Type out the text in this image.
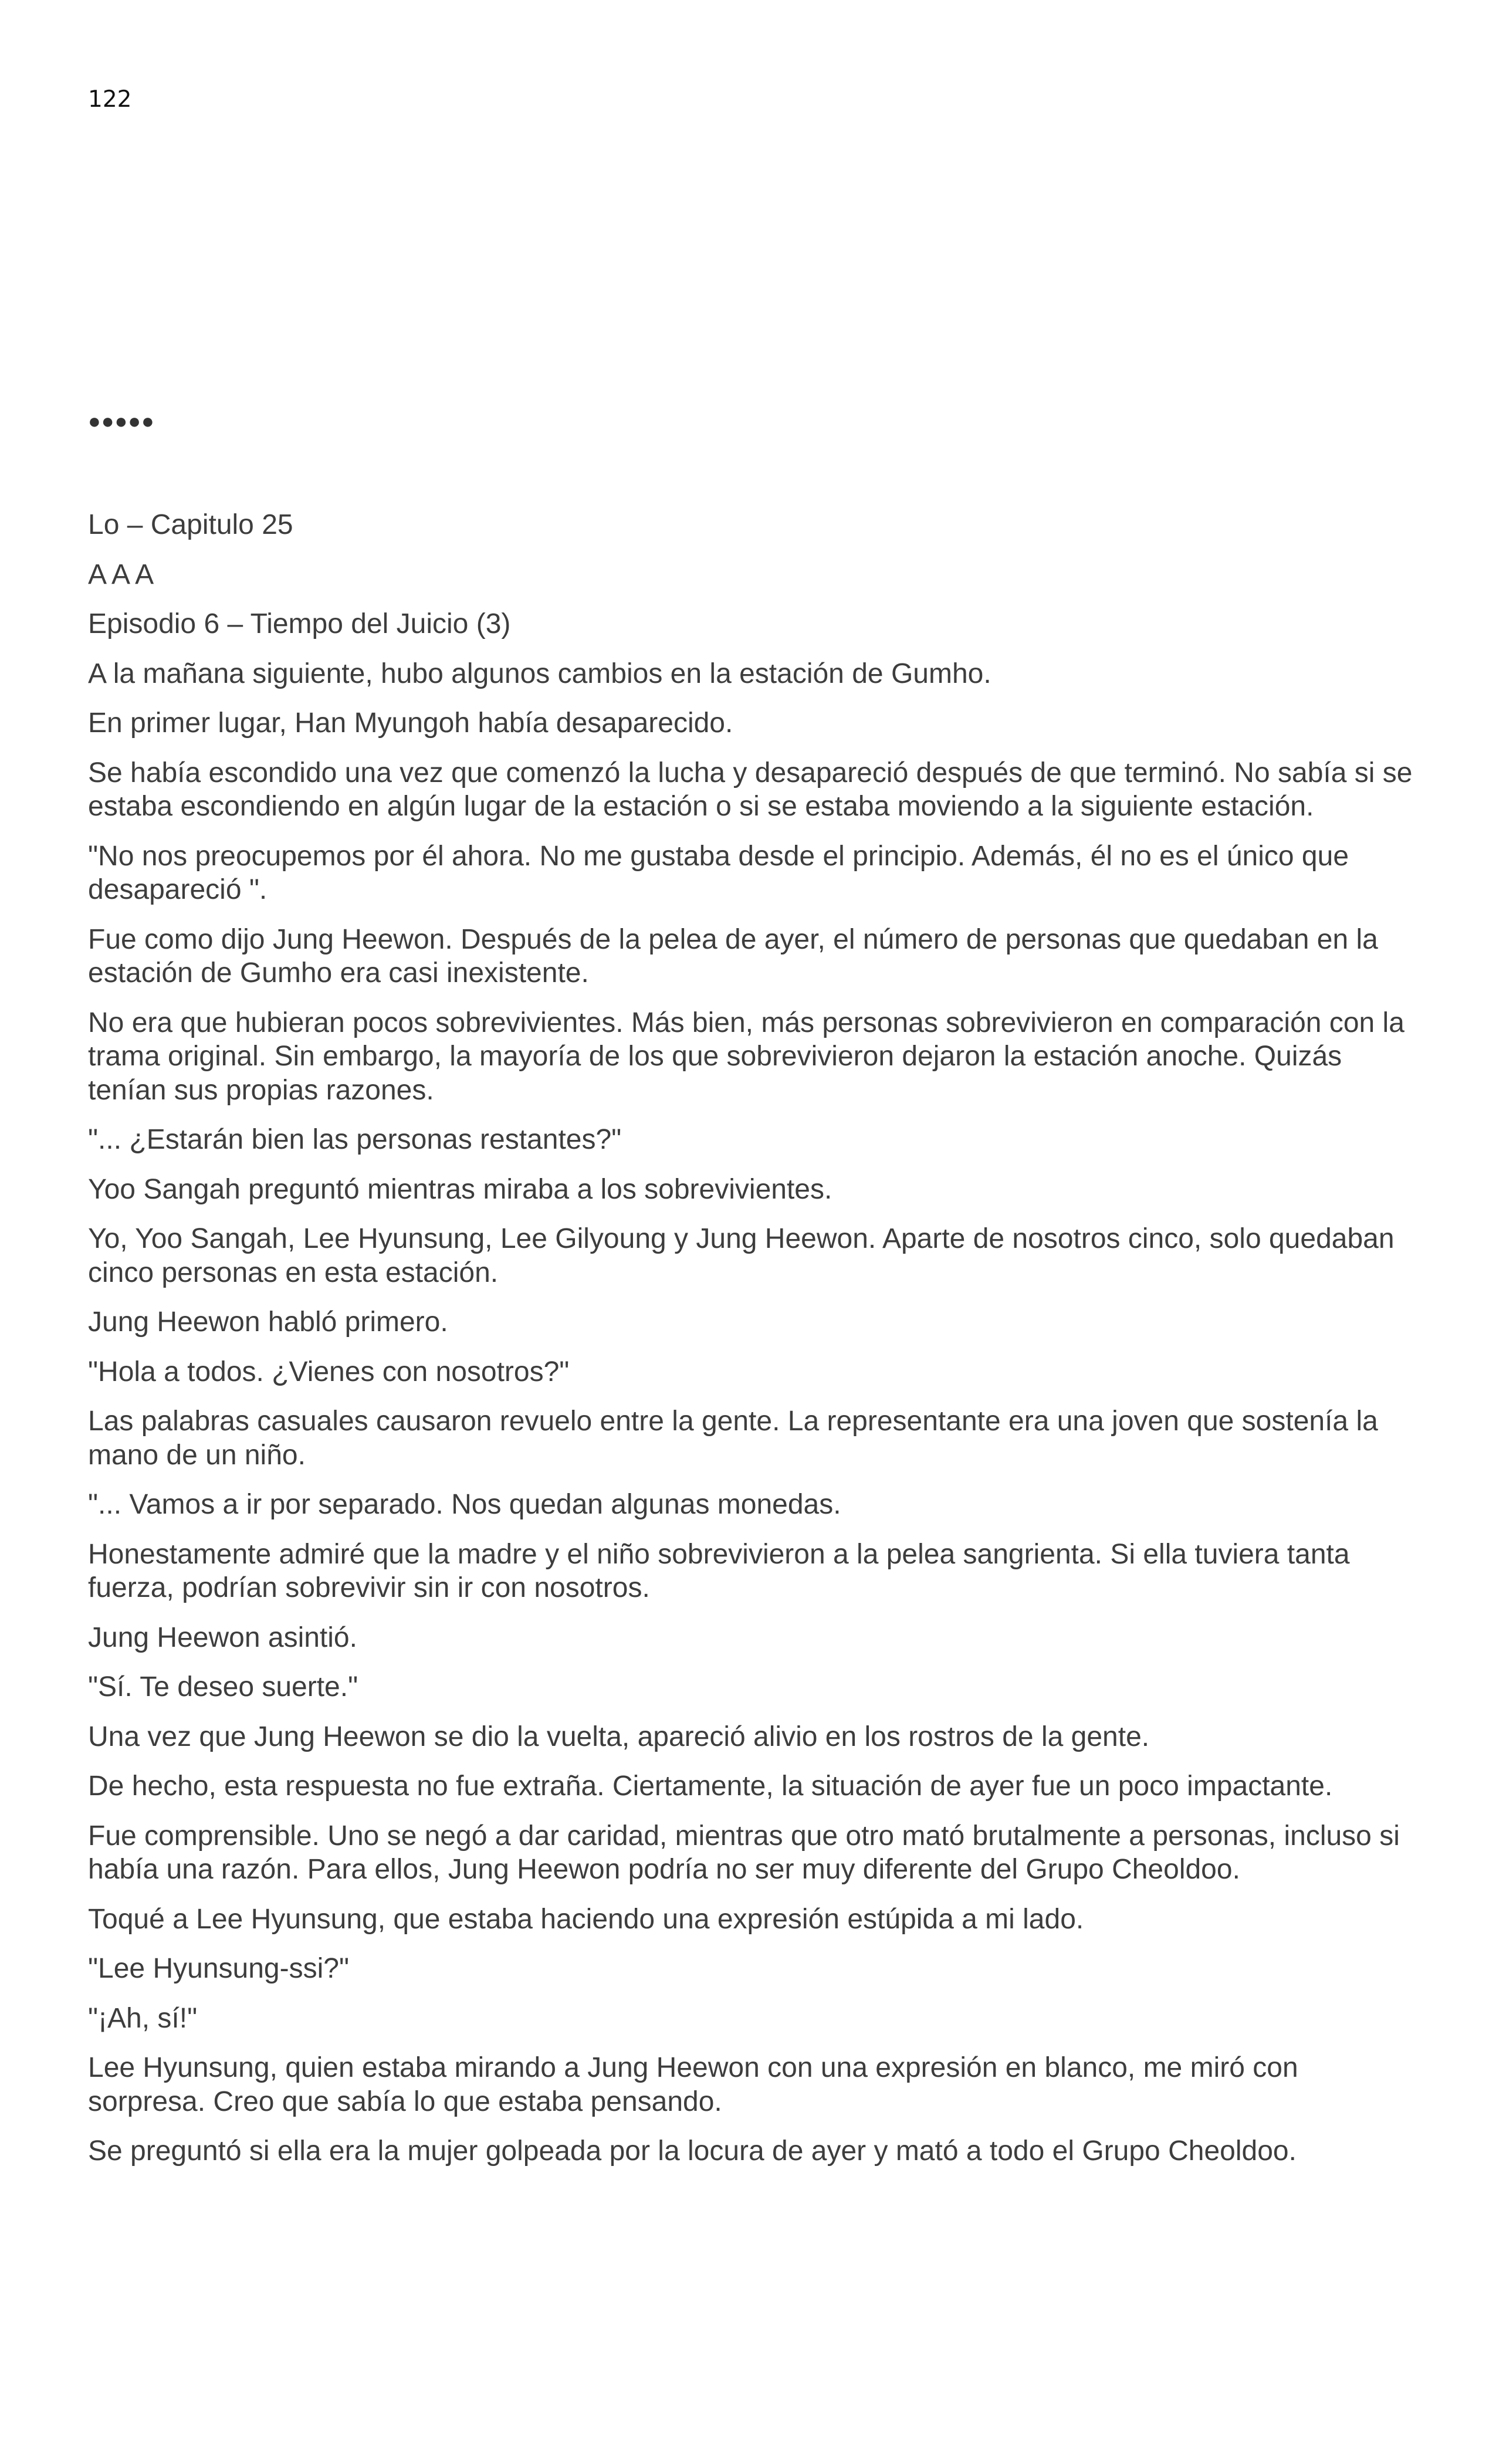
122
●●●●●

Lo – Capitulo 25

A A A

Episodio 6 – Tiempo del Juicio (3)

A la mañana siguiente, hubo algunos cambios en la estación de Gumho.

En primer lugar, Han Myungoh había desaparecido.

Se había escondido una vez que comenzó la lucha y desapareció después de que terminó. No sabía si se estaba escondiendo en algún lugar de la estación o si se estaba moviendo a la siguiente estación.

"No nos preocupemos por él ahora. No me gustaba desde el principio. Además, él no es el único que desapareció ".

Fue como dijo Jung Heewon. Después de la pelea de ayer, el número de personas que quedaban en la estación de Gumho era casi inexistente.

No era que hubieran pocos sobrevivientes. Más bien, más personas sobrevivieron en comparación con la trama original. Sin embargo, la mayoría de los que sobrevivieron dejaron la estación anoche. Quizás tenían sus propias razones.

"... ¿Estarán bien las personas restantes?"

Yoo Sangah preguntó mientras miraba a los sobrevivientes.

Yo, Yoo Sangah, Lee Hyunsung, Lee Gilyoung y Jung Heewon. Aparte de nosotros cinco, solo quedaban cinco personas en esta estación.

Jung Heewon habló primero.

"Hola a todos. ¿Vienes con nosotros?"

Las palabras casuales causaron revuelo entre la gente. La representante era una joven que sostenía la mano de un niño.

"... Vamos a ir por separado. Nos quedan algunas monedas.

Honestamente admiré que la madre y el niño sobrevivieron a la pelea sangrienta. Si ella tuviera tanta fuerza, podrían sobrevivir sin ir con nosotros.

Jung Heewon asintió.

"Sí. Te deseo suerte."

Una vez que Jung Heewon se dio la vuelta, apareció alivio en los rostros de la gente.

De hecho, esta respuesta no fue extraña. Ciertamente, la situación de ayer fue un poco impactante.

Fue comprensible. Uno se negó a dar caridad, mientras que otro mató brutalmente a personas, incluso si había una razón. Para ellos, Jung Heewon podría no ser muy diferente del Grupo Cheoldoo.

Toqué a Lee Hyunsung, que estaba haciendo una expresión estúpida a mi lado.

"Lee Hyunsung-ssi?"

"¡Ah, sí!"

Lee Hyunsung, quien estaba mirando a Jung Heewon con una expresión en blanco, me miró con sorpresa. Creo que sabía lo que estaba pensando.

Se preguntó si ella era la mujer golpeada por la locura de ayer y mató a todo el Grupo Cheoldoo.
